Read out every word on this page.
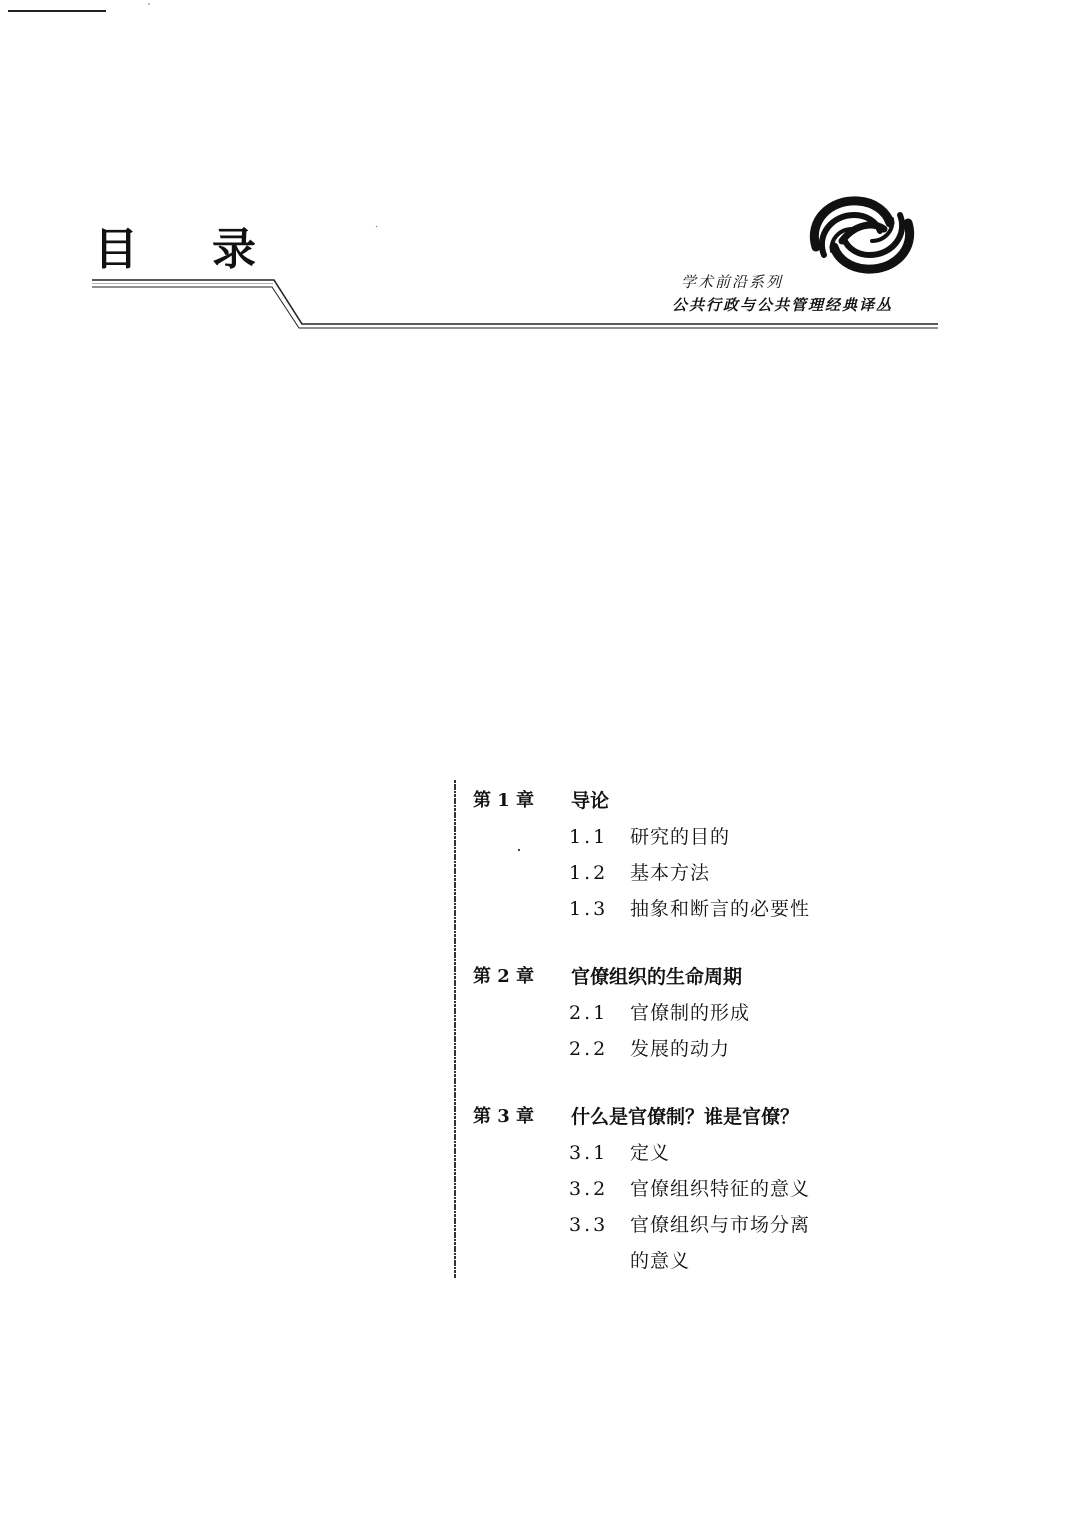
目 录
学术前沿系列
公共行政与公共管理经典译丛
第 1 章 导论
1.1 研究的目的
1.2 基本方法
1.3 抽象和断言的必要性
第 2 章 官僚组织的生命周期
2.1 官僚制的形成
2.2 发展的动力
第 3 章 什么是官僚制？谁是官僚？
3.1 定义
3.2 官僚组织特征的意义
3.3 官僚组织与市场分离
的意义
